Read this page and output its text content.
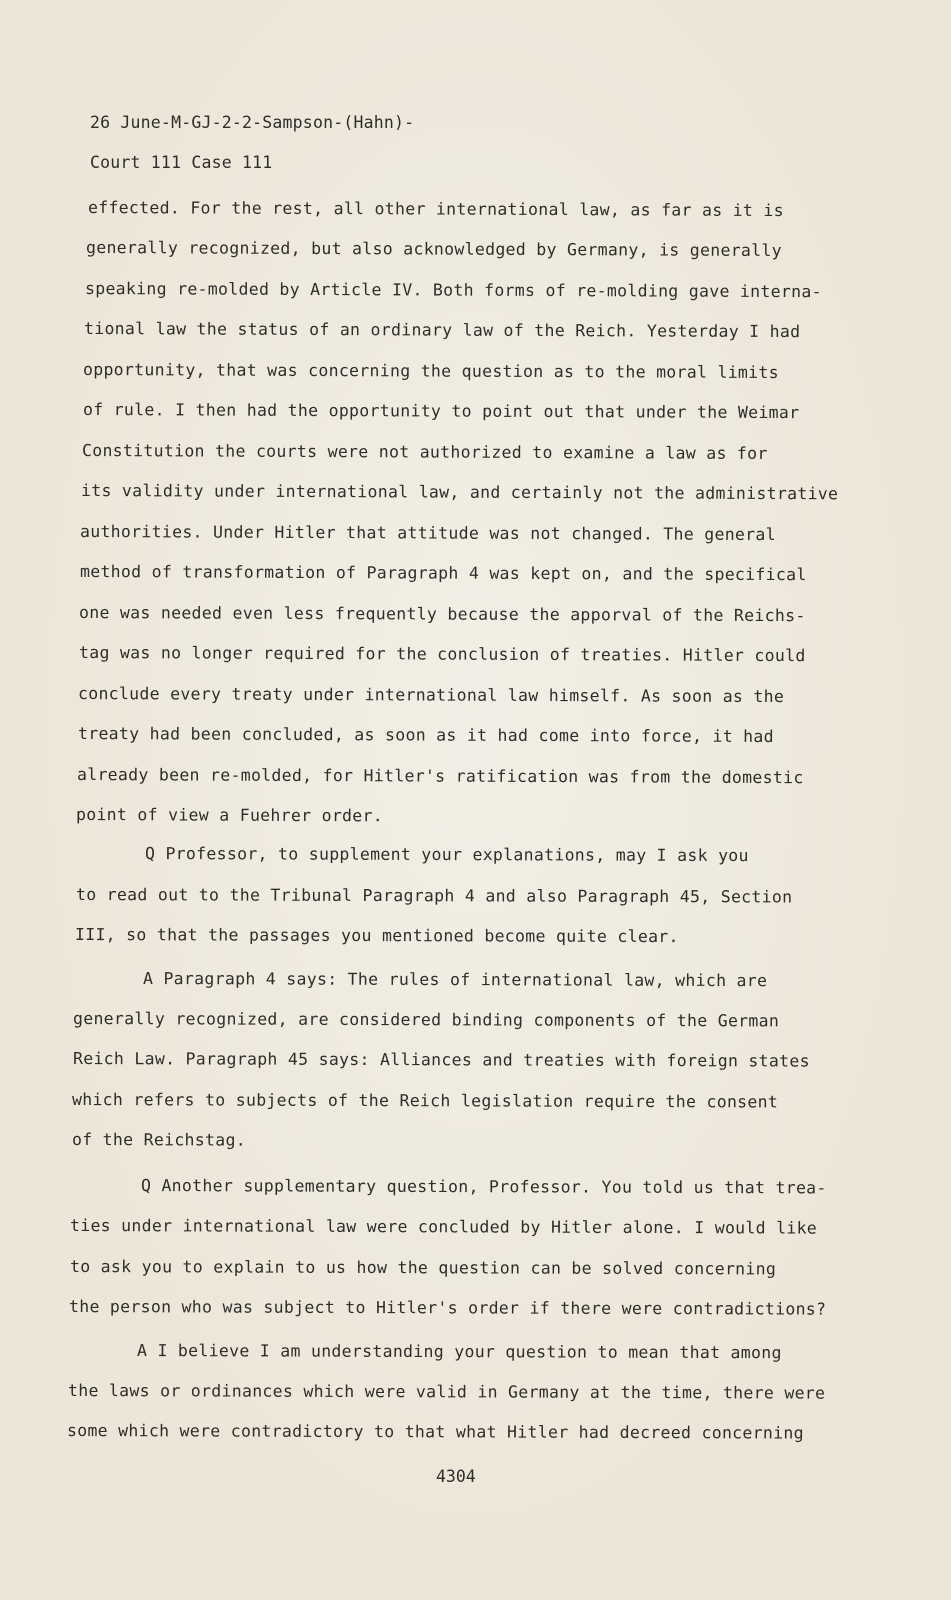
26 June-M-GJ-2-2-Sampson-(Hahn)-
Court 111 Case 111
effected. For the rest, all other international law, as far as it is
generally recognized, but also acknowledged by Germany, is generally
speaking re-molded by Article IV. Both forms of re-molding gave interna-
tional law the status of an ordinary law of the Reich. Yesterday I had
opportunity, that was concerning the question as to the moral limits
of rule. I then had the opportunity to point out that under the Weimar
Constitution the courts were not authorized to examine a law as for
its validity under international law, and certainly not the administrative
authorities. Under Hitler that attitude was not changed. The general
method of transformation of Paragraph 4 was kept on, and the specifical
one was needed even less frequently because the apporval of the Reichs-
tag was no longer required for the conclusion of treaties. Hitler could
conclude every treaty under international law himself. As soon as the
treaty had been concluded, as soon as it had come into force, it had
already been re-molded, for Hitler's ratification was from the domestic
point of view a Fuehrer order.
Q Professor, to supplement your explanations, may I ask you
to read out to the Tribunal Paragraph 4 and also Paragraph 45, Section
III, so that the passages you mentioned become quite clear.
A Paragraph 4 says: The rules of international law, which are
generally recognized, are considered binding components of the German
Reich Law. Paragraph 45 says: Alliances and treaties with foreign states
which refers to subjects of the Reich legislation require the consent
of the Reichstag.
Q Another supplementary question, Professor. You told us that trea-
ties under international law were concluded by Hitler alone. I would like
to ask you to explain to us how the question can be solved concerning
the person who was subject to Hitler's order if there were contradictions?
A I believe I am understanding your question to mean that among
the laws or ordinances which were valid in Germany at the time, there were
some which were contradictory to that what Hitler had decreed concerning
4304
